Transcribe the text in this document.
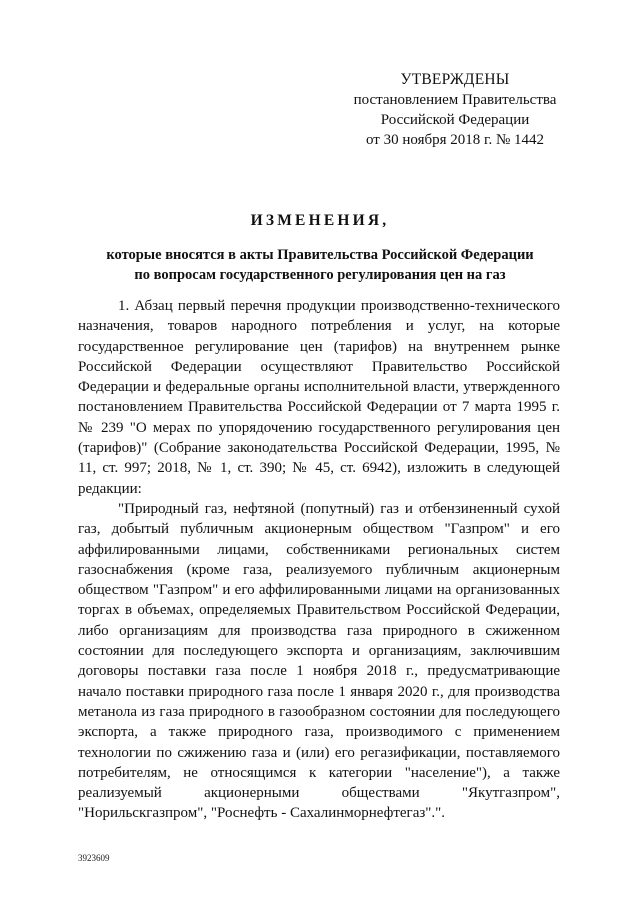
УТВЕРЖДЕНЫ
постановлением Правительства
Российской Федерации
от 30 ноября 2018 г. № 1442
ИЗМЕНЕНИЯ,
которые вносятся в акты Правительства Российской Федерации
по вопросам государственного регулирования цен на газ

1. Абзац первый перечня продукции производственно-технического назначения, товаров народного потребления и услуг, на которые государственное регулирование цен (тарифов) на внутреннем рынке Российской Федерации осуществляют Правительство Российской Федерации и федеральные органы исполнительной власти, утвержденного постановлением Правительства Российской Федерации от 7 марта 1995 г. № 239 "О мерах по упорядочению государственного регулирования цен (тарифов)" (Собрание законодательства Российской Федерации, 1995, № 11, ст. 997; 2018, № 1, ст. 390; № 45, ст. 6942), изложить в следующей редакции:

"Природный газ, нефтяной (попутный) газ и отбензиненный сухой газ, добытый публичным акционерным обществом "Газпром" и его аффилированными лицами, собственниками региональных систем газоснабжения (кроме газа, реализуемого публичным акционерным обществом "Газпром" и его аффилированными лицами на организованных торгах в объемах, определяемых Правительством Российской Федерации, либо организациям для производства газа природного в сжиженном состоянии для последующего экспорта и организациям, заключившим договоры поставки газа после 1 ноября 2018 г., предусматривающие начало поставки природного газа после 1 января 2020 г., для производства метанола из газа природного в газообразном состоянии для последующего экспорта, а также природного газа, производимого с применением технологии по сжижению газа и (или) его регазификации, поставляемого потребителям, не относящимся к категории "население"), а также реализуемый акционерными обществами "Якутгазпром", "Норильскгазпром", "Роснефть - Сахалинморнефтегаз".".

3923609
